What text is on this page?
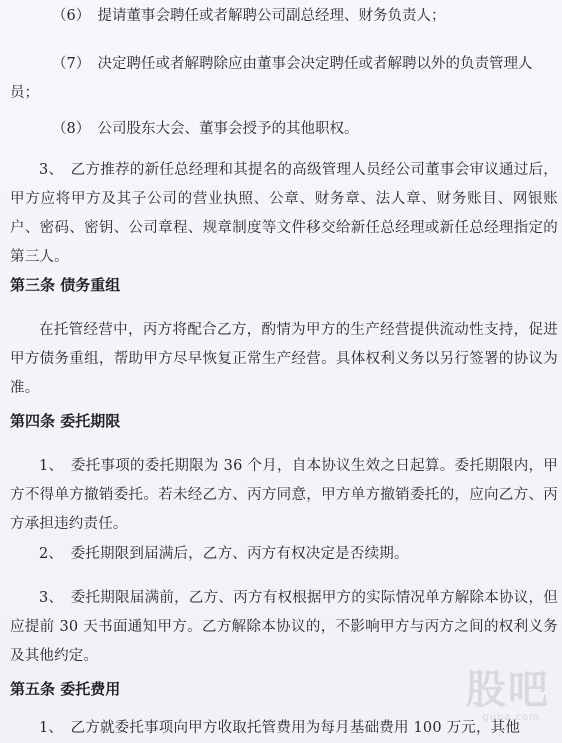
（6）　提请董事会聘任或者解聘公司副总经理、财务负责人；

（7）　决定聘任或者解聘除应由董事会决定聘任或者解聘以外的负责管理人员；

（8）　公司股东大会、董事会授予的其他职权。

3、　乙方推荐的新任总经理和其提名的高级管理人员经公司董事会审议通过后，甲方应将甲方及其子公司的营业执照、公章、财务章、法人章、财务账目、网银账户、密码、密钥、公司章程、规章制度等文件移交给新任总经理或新任总经理指定的第三人。

第三条 债务重组

在托管经营中，丙方将配合乙方，酌情为甲方的生产经营提供流动性支持，促进甲方债务重组，帮助甲方尽早恢复正常生产经营。具体权利义务以另行签署的协议为准。

第四条 委托期限

1、　委托事项的委托期限为 36 个月，自本协议生效之日起算。委托期限内，甲方不得单方撤销委托。若未经乙方、丙方同意，甲方单方撤销委托的，应向乙方、丙方承担违约责任。

2、　委托期限到届满后，乙方、丙方有权决定是否续期。

3、　委托期限届满前，乙方、丙方有权根据甲方的实际情况单方解除本协议，但应提前 30 天书面通知甲方。乙方解除本协议的，不影响甲方与丙方之间的权利义务及其他约定。

第五条 委托费用

1、　乙方就委托事项向甲方收取托管费用为每月基础费用 100 万元，其他

股吧
guba.com
